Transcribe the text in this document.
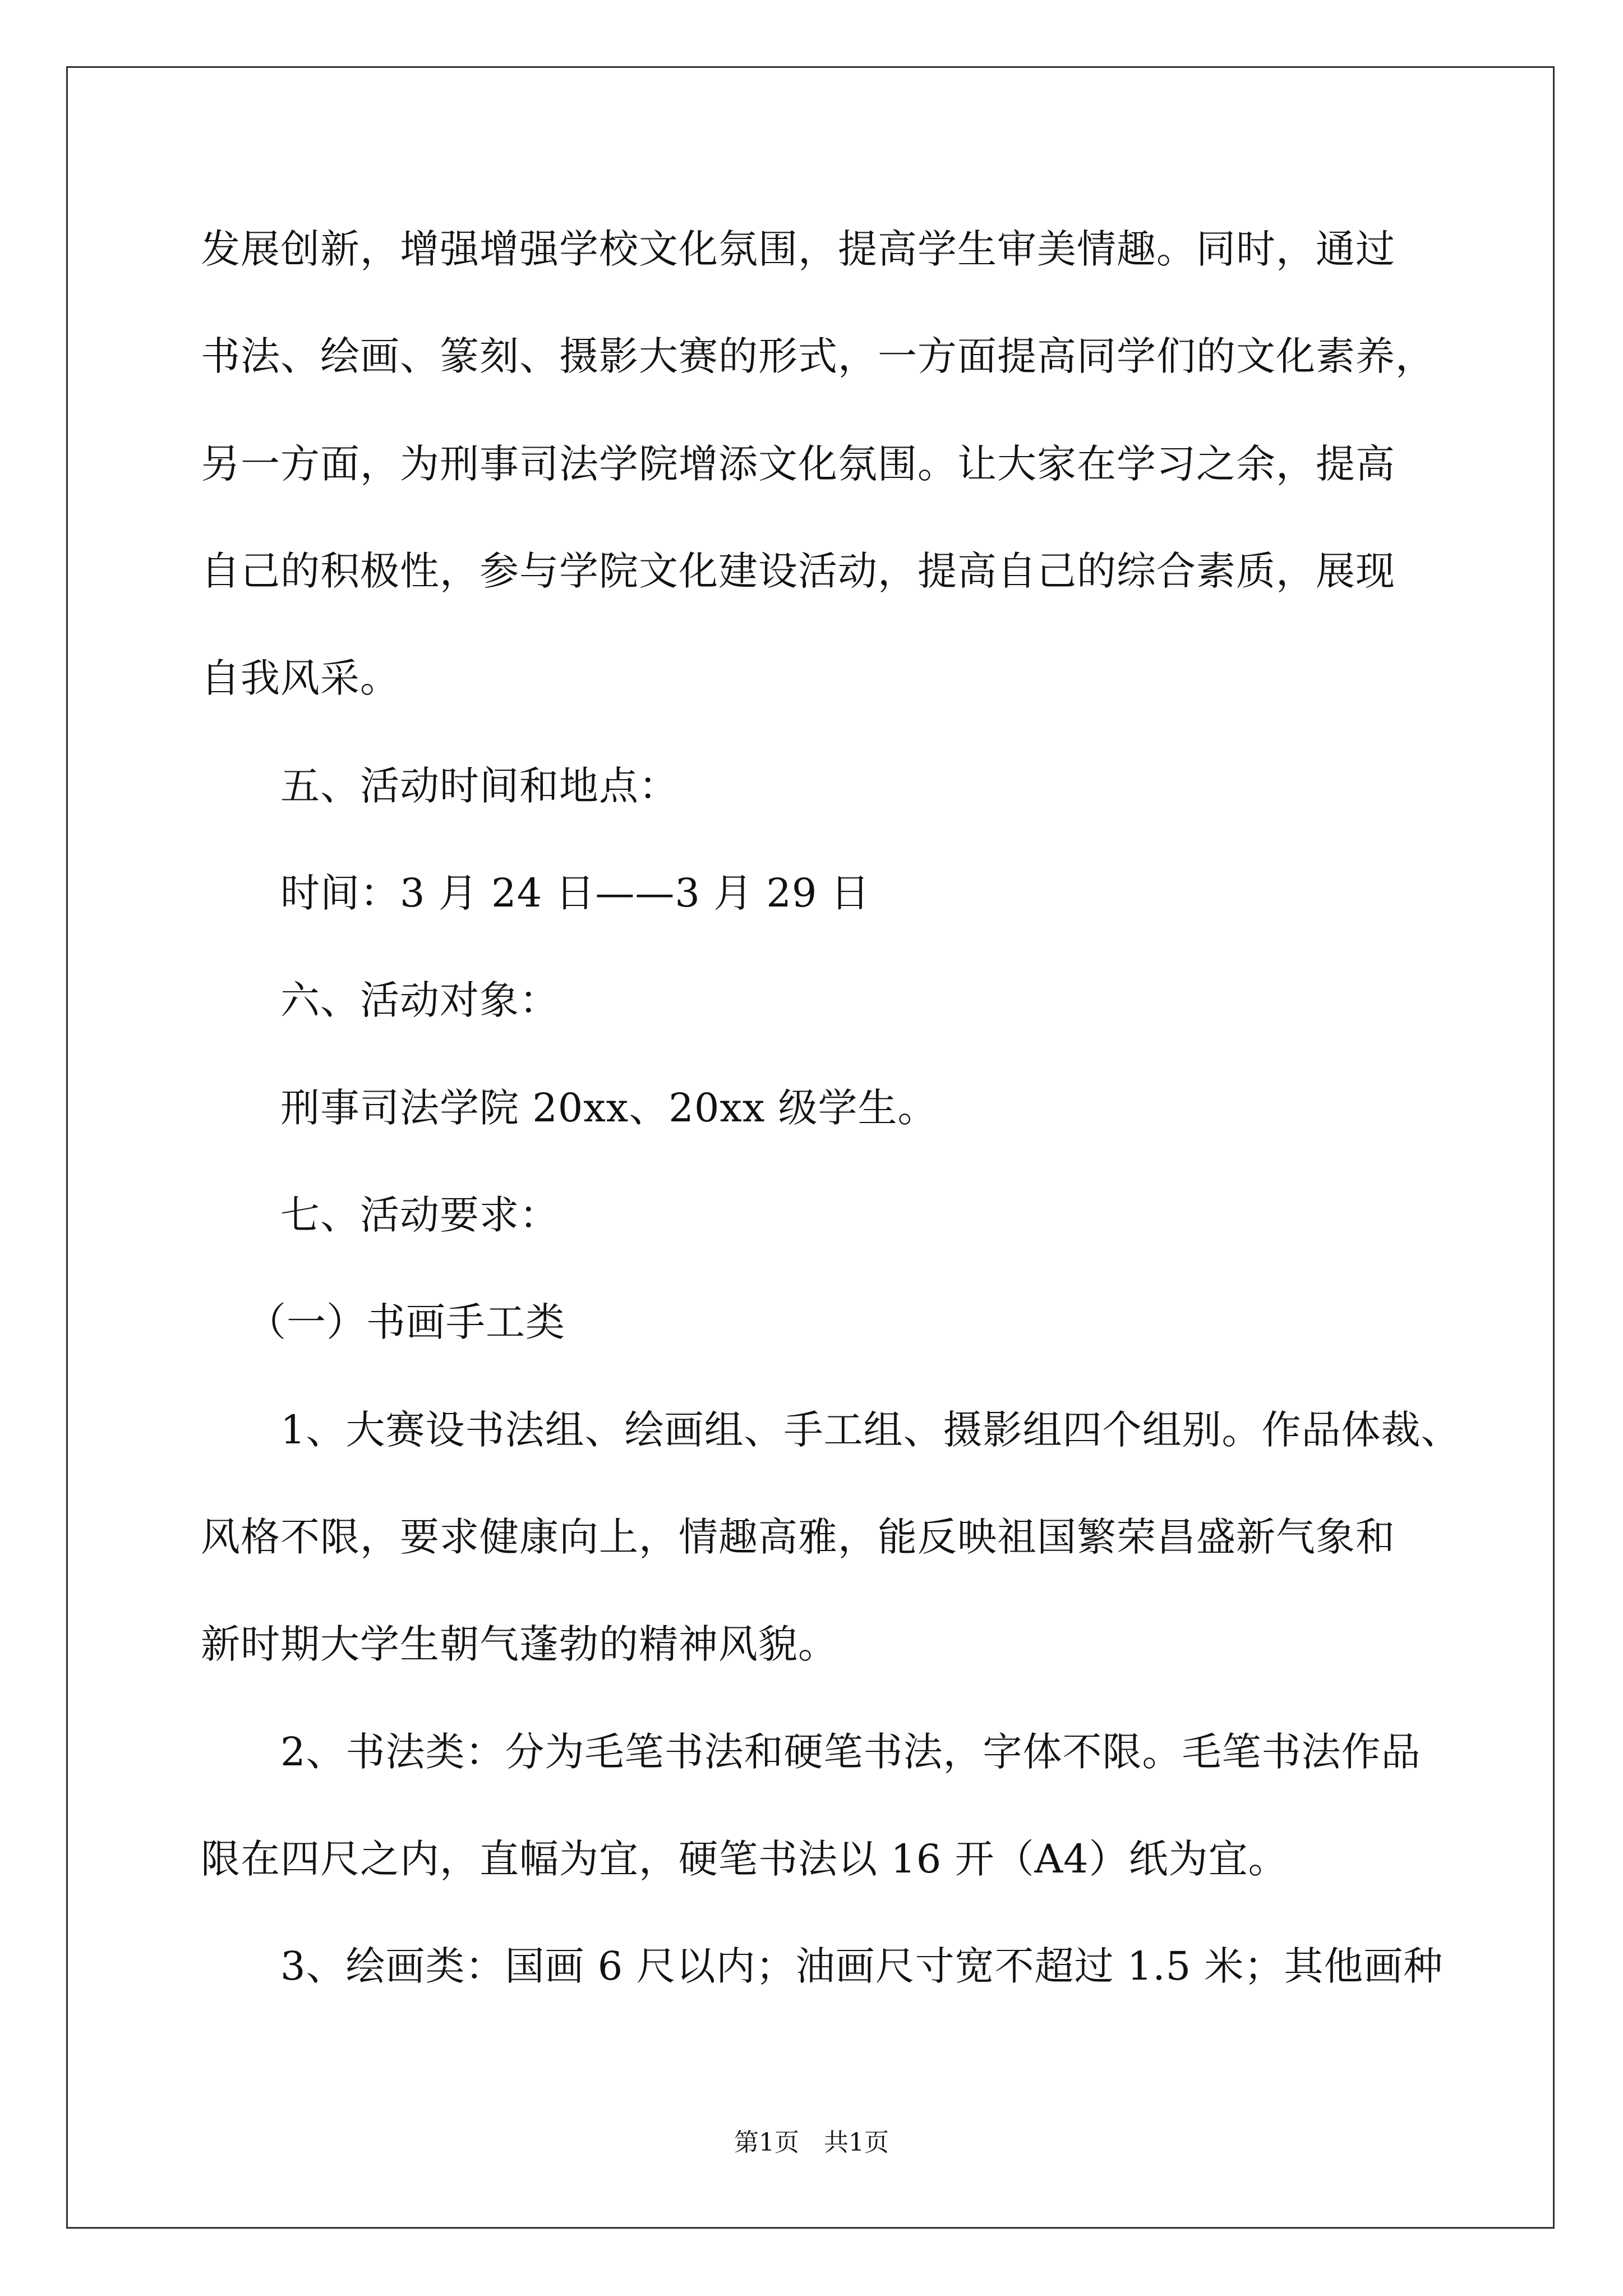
发展创新，增强增强学校文化氛围，提高学生审美情趣。同时，通过
书法、绘画、篆刻、摄影大赛的形式，一方面提高同学们的文化素养，
另一方面，为刑事司法学院增添文化氛围。让大家在学习之余，提高
自己的积极性，参与学院文化建设活动，提高自己的综合素质，展现
自我风采。
五、活动时间和地点：
时间：3 月 24 日——3 月 29 日
六、活动对象：
刑事司法学院 20xx、20xx 级学生。
七、活动要求：
（一）书画手工类
1、大赛设书法组、绘画组、手工组、摄影组四个组别。作品体裁、
风格不限，要求健康向上，情趣高雅，能反映祖国繁荣昌盛新气象和
新时期大学生朝气蓬勃的精神风貌。
2、书法类：分为毛笔书法和硬笔书法，字体不限。毛笔书法作品
限在四尺之内，直幅为宜，硬笔书法以 16 开（A4）纸为宜。
3、绘画类：国画 6 尺以内；油画尺寸宽不超过 1.5 米；其他画种
第1页　共1页
